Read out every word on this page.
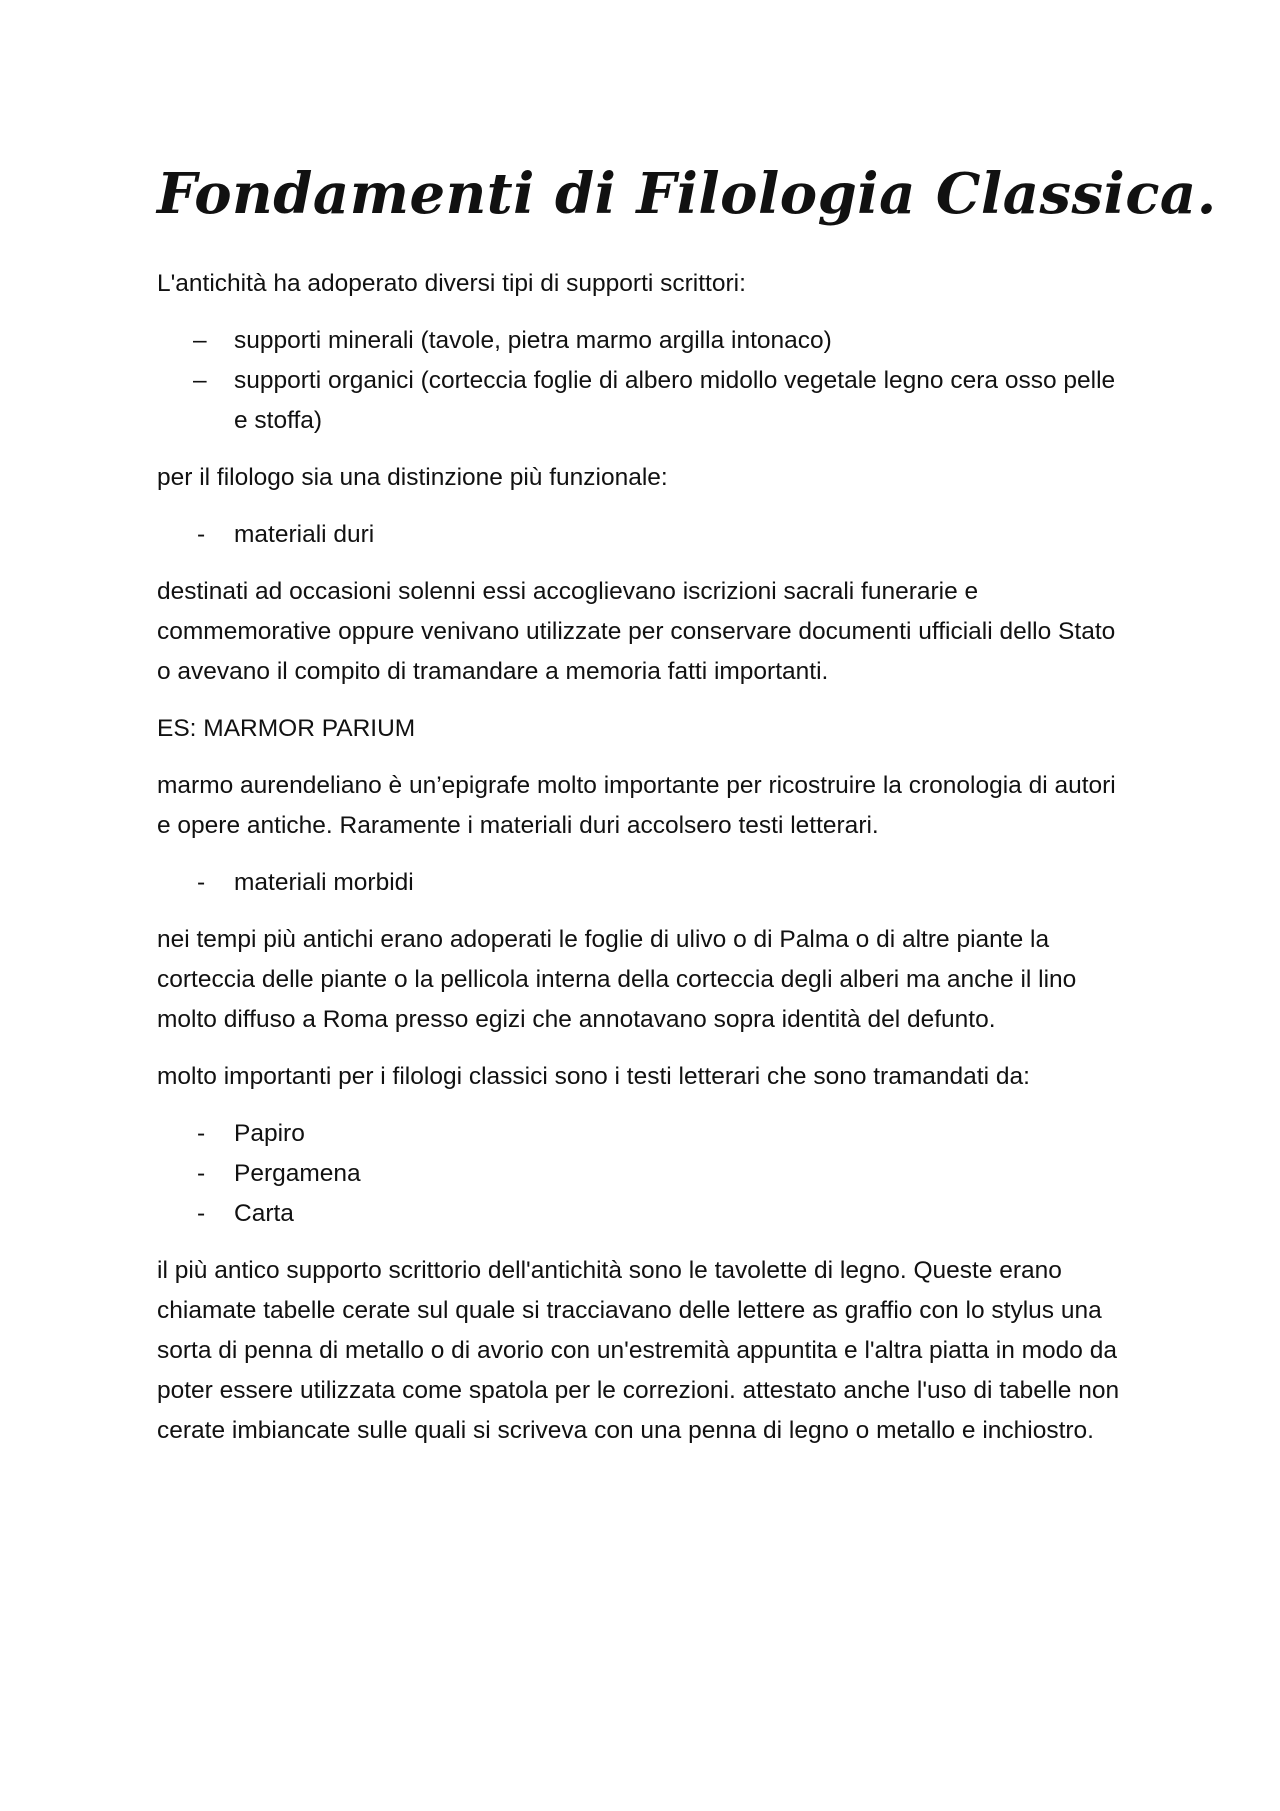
Fondamenti di Filologia Classica.

L'antichità ha adoperato diversi tipi di supporti scrittori:

–	supporti minerali (tavole, pietra marmo argilla intonaco)
–	supporti organici (corteccia foglie di albero midollo vegetale legno cera osso pelle e stoffa)

per il filologo sia una distinzione più funzionale:

-	materiali duri

destinati ad occasioni solenni essi accoglievano iscrizioni sacrali funerarie e commemorative oppure venivano utilizzate per conservare documenti ufficiali dello Stato o avevano il compito di tramandare a memoria fatti importanti.

ES: MARMOR PARIUM

marmo aurendeliano è un’epigrafe molto importante per ricostruire la cronologia di autori e opere antiche. Raramente i materiali duri accolsero testi letterari.

-	materiali morbidi

nei tempi più antichi erano adoperati le foglie di ulivo o di Palma o di altre piante la corteccia delle piante o la pellicola interna della corteccia degli alberi ma anche il lino molto diffuso a Roma presso egizi che annotavano sopra identità del defunto.

molto importanti per i filologi classici sono i testi letterari che sono tramandati da:

-	Papiro
-	Pergamena
-	Carta

il più antico supporto scrittorio dell'antichità sono le tavolette di legno. Queste erano chiamate tabelle cerate sul quale si tracciavano delle lettere as graffio con lo stylus una sorta di penna di metallo o di avorio con un'estremità appuntita e l'altra piatta in modo da poter essere utilizzata come spatola per le correzioni. attestato anche l'uso di tabelle non cerate imbiancate sulle quali si scriveva con una penna di legno o metallo e inchiostro.
